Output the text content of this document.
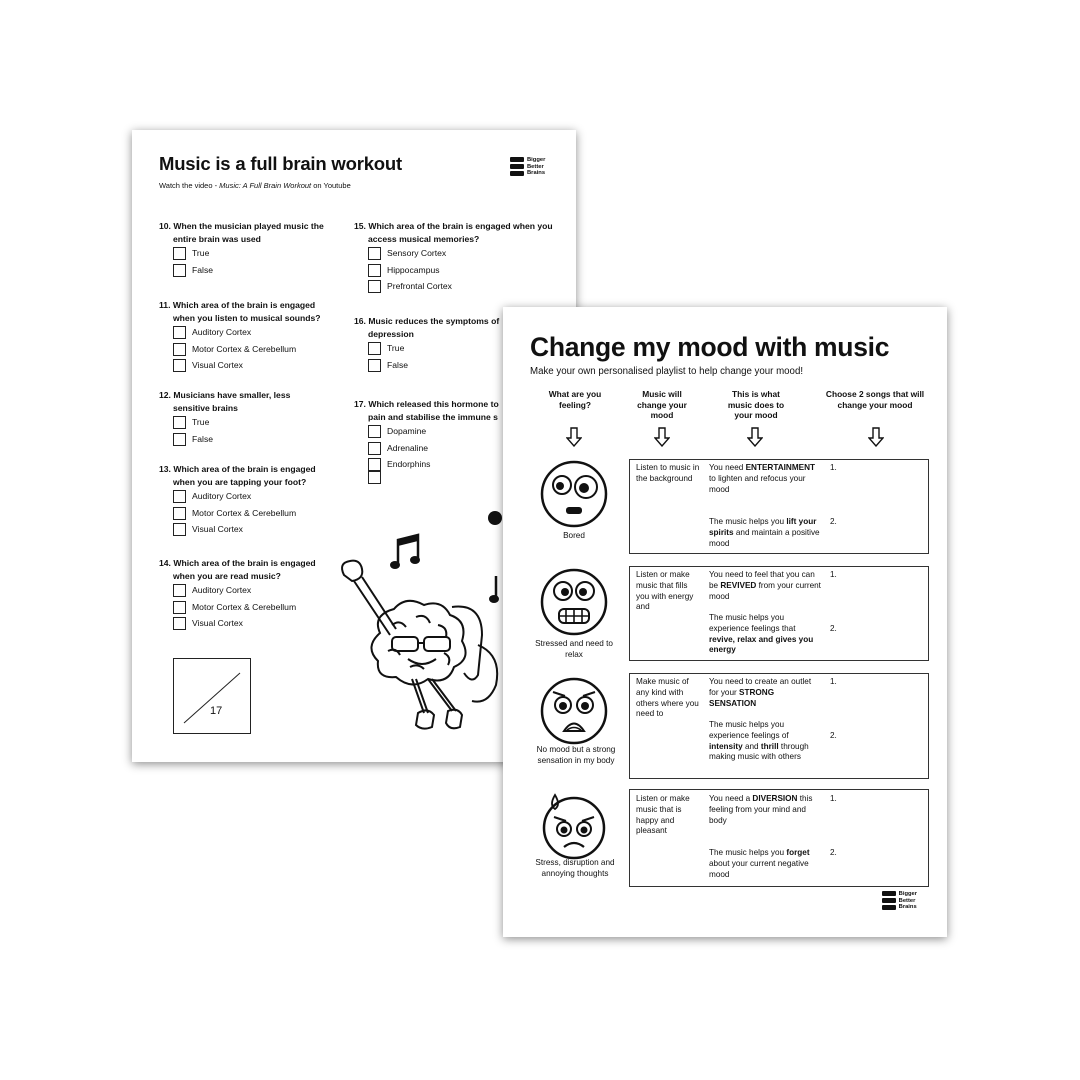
Music is a full brain workout
Watch the video - Music: A Full Brain Workout on Youtube
Bigger
Better
Brains
10. When the musician played music the entire brain was used
True
False
11. Which area of the brain is engaged when you listen to musical sounds?
Auditory Cortex
Motor Cortex & Cerebellum
Visual Cortex
12. Musicians have smaller, less sensitive brains
True
False
13. Which area of the brain is engaged when you are tapping your foot?
Auditory Cortex
Motor Cortex & Cerebellum
Visual Cortex
14. Which area of the brain is engaged when you are read music?
Auditory Cortex
Motor Cortex & Cerebellum
Visual Cortex
15. Which area of the brain is engaged when you access musical memories?
Sensory Cortex
Hippocampus
Prefrontal Cortex
16. Music reduces the symptoms of depression
True
False
17. Which released this hormone to pain and stabilise the immune s
Dopamine
Adrenaline
Endorphins
17
Change my mood with music
Make your own personalised playlist to help change your mood!
What are you feeling?
Music will change your mood
This is what music does to your mood
Choose 2 songs that will change your mood
Bored
Listen to music in the background
You need ENTERTAINMENT to lighten and refocus your mood
The music helps you lift your spirits and maintain a positive mood
1.
2.
Stressed and need to relax
Listen or make music that fills you with energy and
You need to feel that you can be REVIVED from your current mood
The music helps you experience feelings that revive, relax and gives you energy
1.
2.
No mood but a strong sensation in my body
Make music of any kind with others where you need to
You need to create an outlet for your STRONG SENSATION
The music helps you experience feelings of intensity and thrill through making music with others
1.
2.
Stress, disruption and annoying thoughts
Listen or make music that is happy and pleasant
You need a DIVERSION this feeling from your mind and body
The music helps you forget about your current negative mood
1.
2.
Bigger
Better
Brains
